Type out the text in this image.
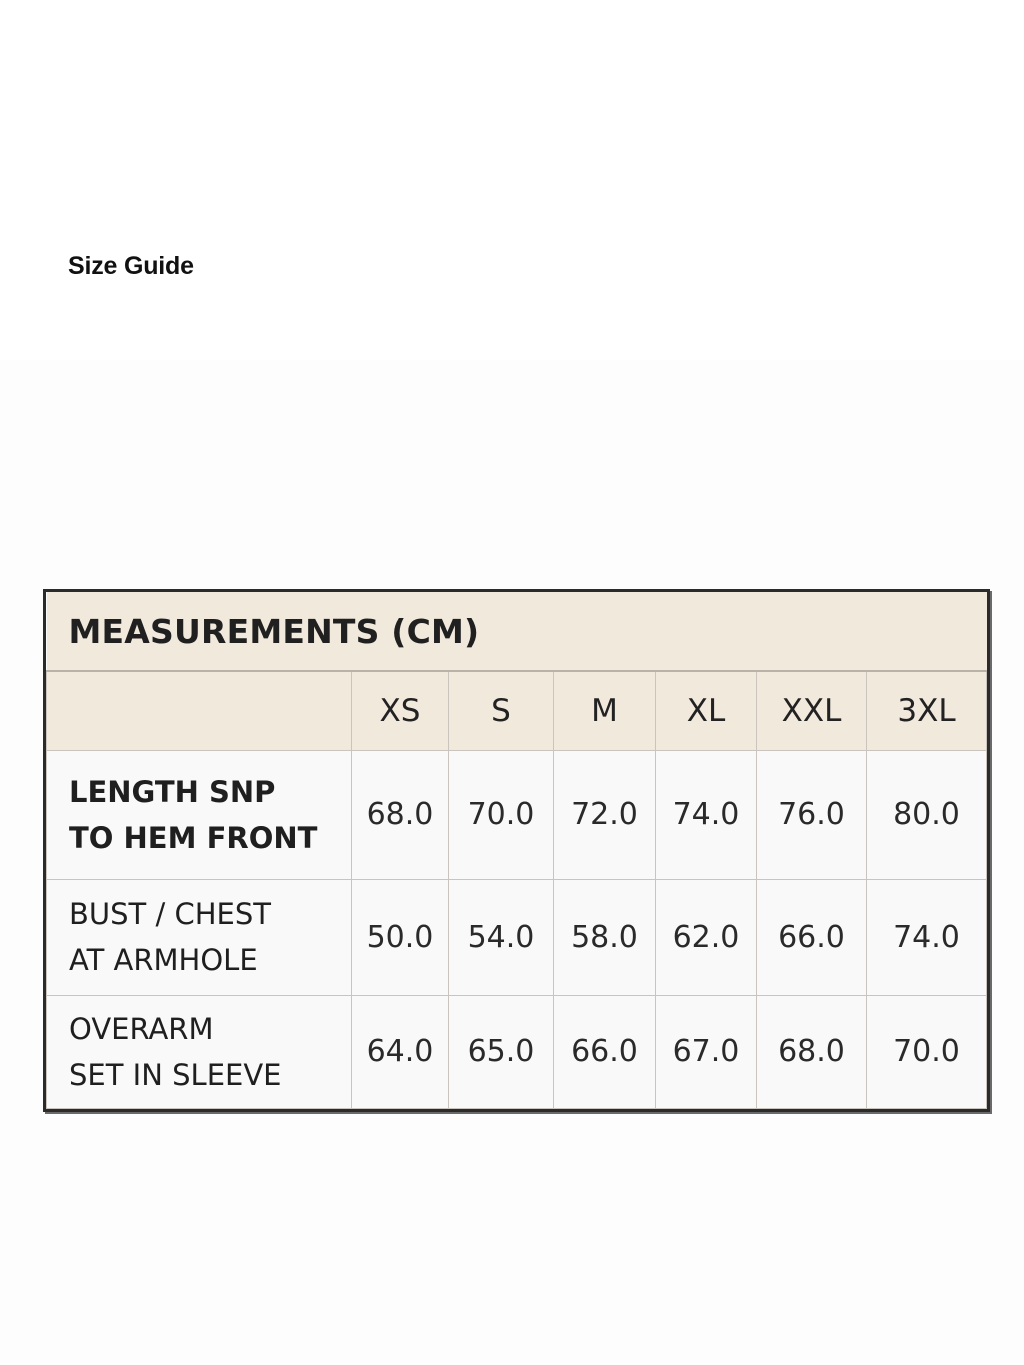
Size Guide
MEASUREMENTS (CM)						
	XS	S	M	XL	XXL	3XL

LENGTH SNP
TO HEM FRONT	68.0	70.0	72.0	74.0	76.0	80.0

BUST / CHEST
AT ARMHOLE	50.0	54.0	58.0	62.0	66.0	74.0

OVERARM
SET IN SLEEVE	64.0	65.0	66.0	67.0	68.0	70.0
